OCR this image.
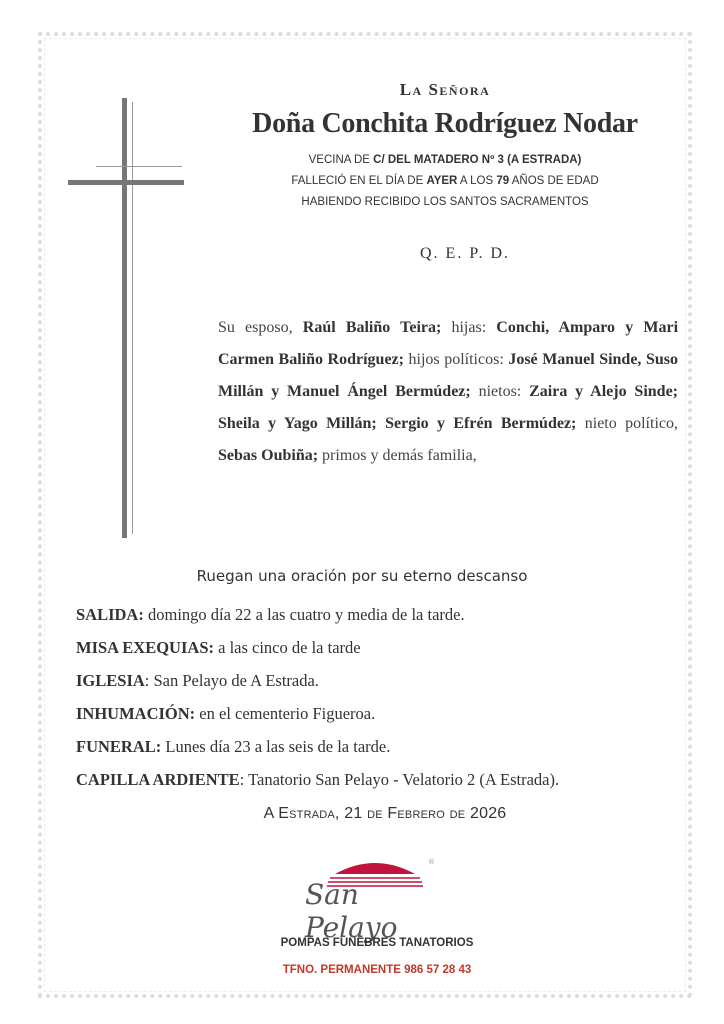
La Señora
Doña Conchita Rodríguez Nodar
VECINA DE C/ DEL MATADERO Nº 3 (A ESTRADA)
FALLECIÓ EN EL DÍA DE AYER A LOS 79 AÑOS DE EDAD
HABIENDO RECIBIDO LOS SANTOS SACRAMENTOS
Q. E. P. D.
Su esposo, Raúl Baliño Teira; hijas: Conchi, Amparo y Mari Carmen Baliño Rodríguez; hijos políticos: José Manuel Sinde, Suso Millán y Manuel Ángel Bermúdez; nietos: Zaira y Alejo Sinde; Sheila y Yago Millán; Sergio y Efrén Bermúdez; nieto político, Sebas Oubiña; primos y demás familia,
Ruegan una oración por su eterno descanso
SALIDA: domingo día 22 a las cuatro y media de la tarde.
MISA EXEQUIAS: a las cinco de la tarde
IGLESIA: San Pelayo de A Estrada.
INHUMACIÓN: en el cementerio Figueroa.
FUNERAL: Lunes día 23 a las seis de la tarde.
CAPILLA ARDIENTE: Tanatorio San Pelayo - Velatorio 2 (A Estrada).
A Estrada, 21 de Febrero de 2026
®
San Pelayo
POMPAS FUNEBRES TANATORIOS
TFNO. PERMANENTE 986 57 28 43
